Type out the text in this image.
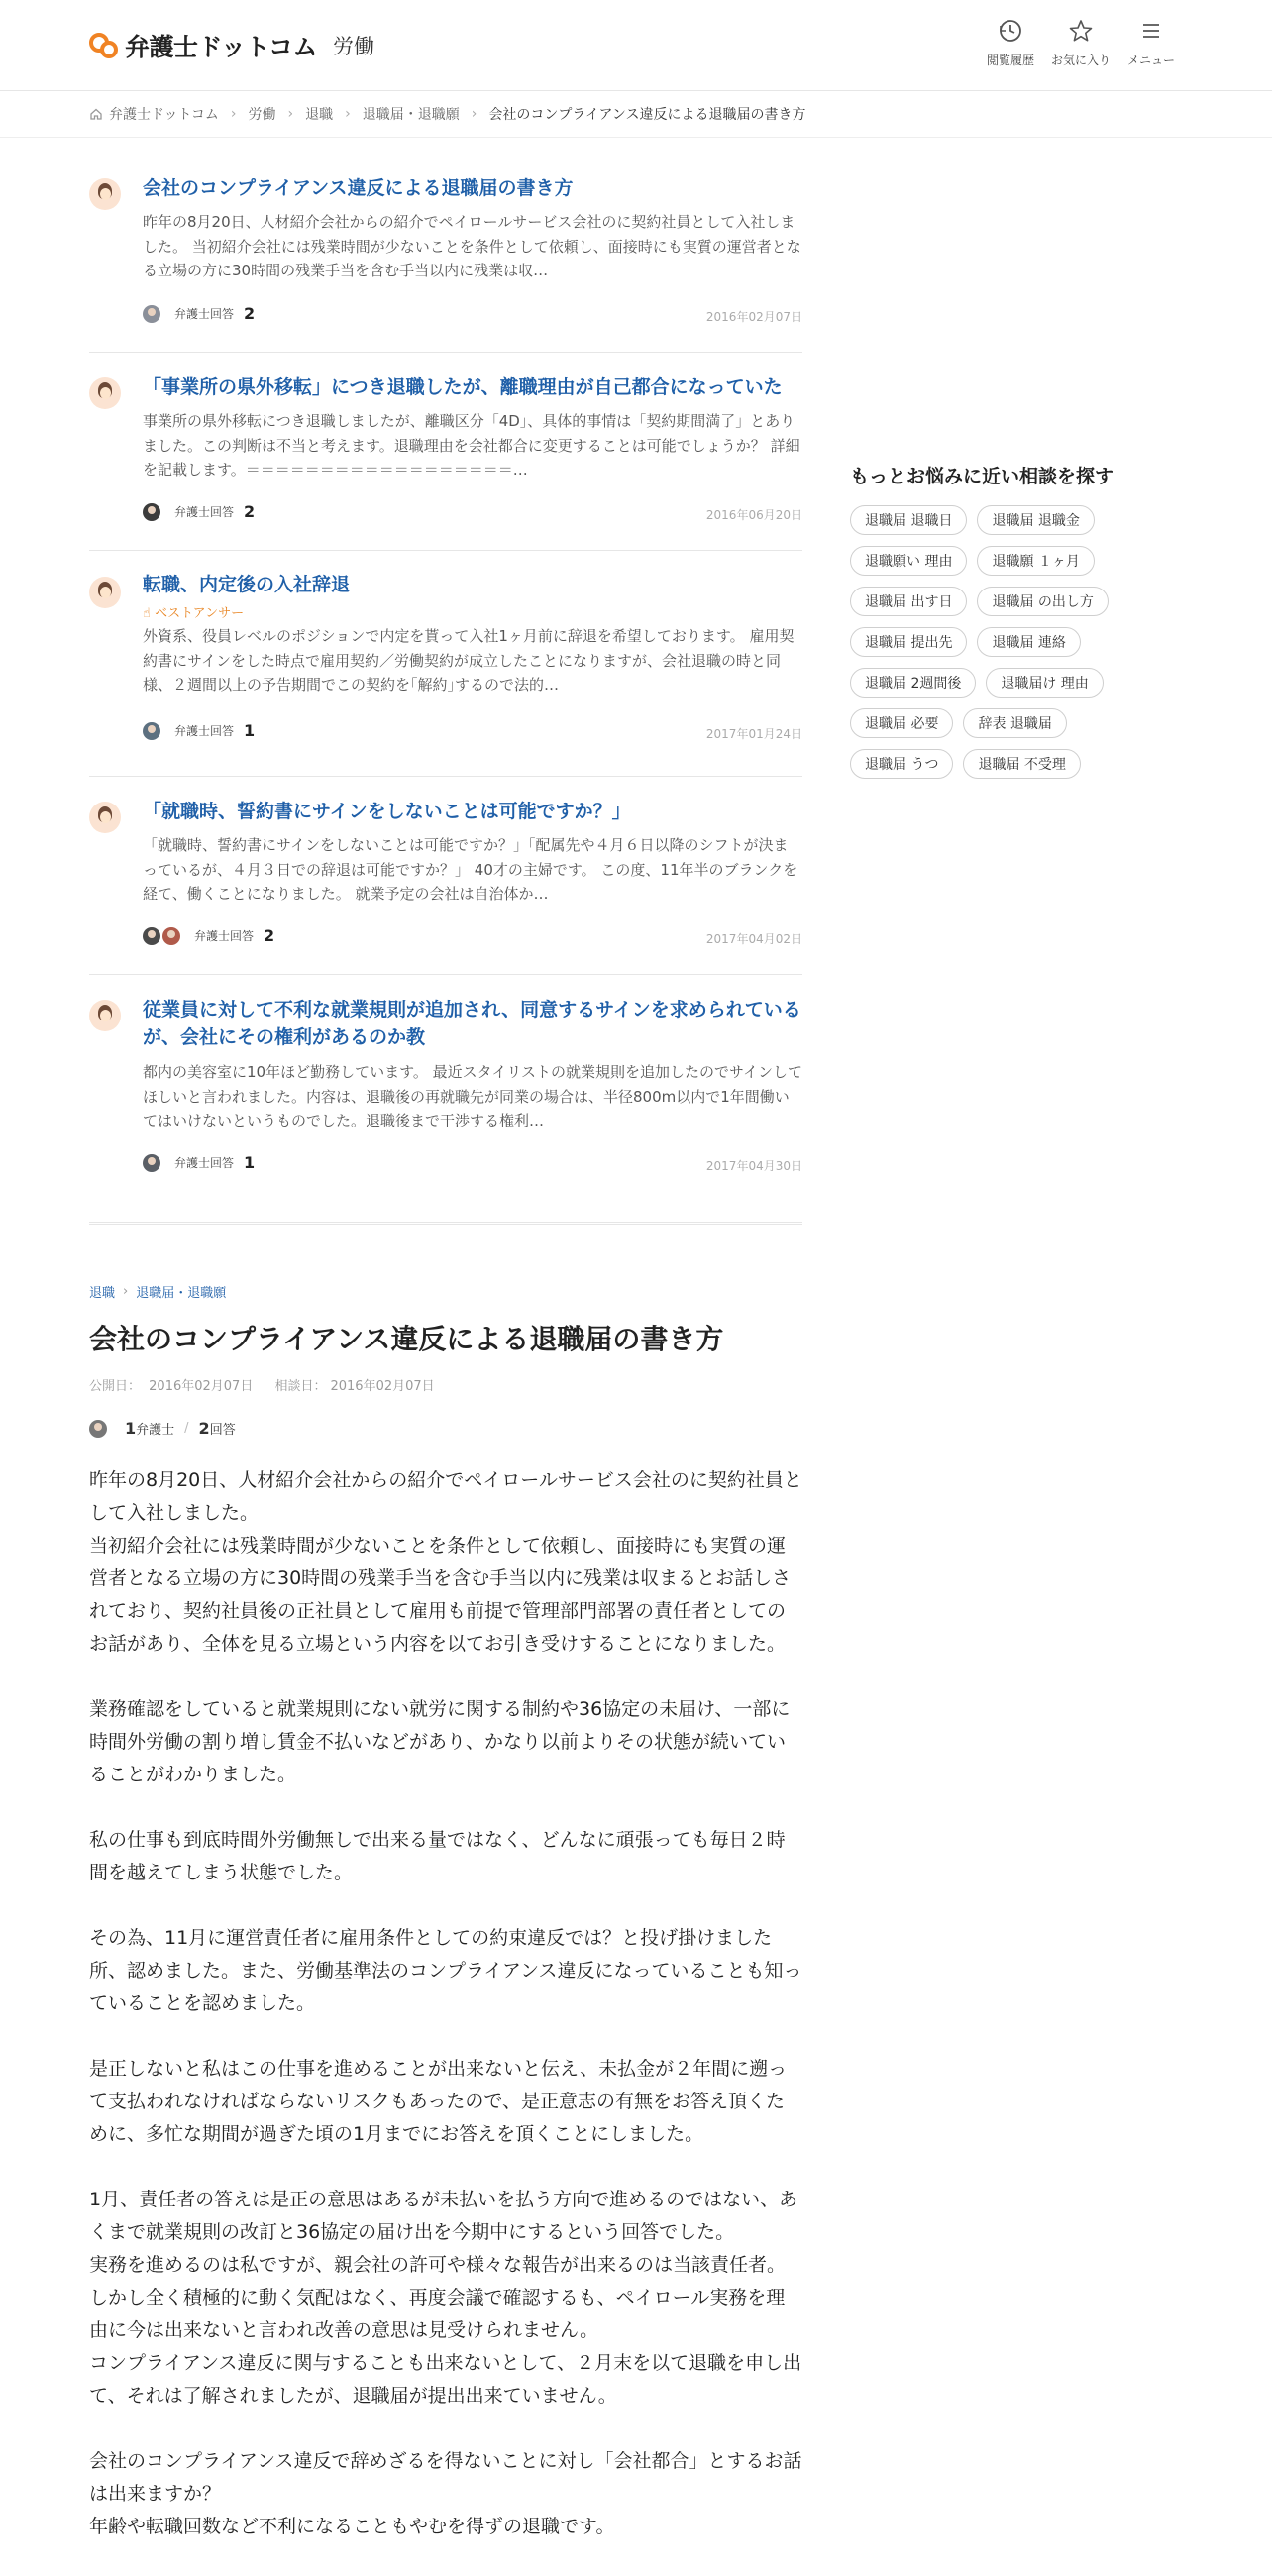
弁護士ドットコム 労働
閲覧履歴 お気に入り メニュー
弁護士ドットコム › 労働 › 退職 › 退職届・退職願 › 会社のコンプライアンス違反による退職届の書き方
会社のコンプライアンス違反による退職届の書き方
昨年の8月20日、人材紹介会社からの紹介でペイロールサービス会社のに契約社員として入社しました。 当初紹介会社には残業時間が少ないことを条件として依頼し、面接時にも実質の運営者となる立場の方に30時間の残業手当を含む手当以内に残業は収…
弁護士回答 2	2016年02月07日
「事業所の県外移転」につき退職したが、離職理由が自己都合になっていた
事業所の県外移転につき退職しましたが、離職区分「4D」、具体的事情は「契約期間満了」とありました。この判断は不当と考えます。退職理由を会社都合に変更することは可能でしょうか？ 詳細を記載します。＝＝＝＝＝＝＝＝＝＝＝＝＝＝＝＝＝＝…
弁護士回答 2	2016年06月20日
転職、内定後の入社辞退
☝ ベストアンサー
外資系、役員レベルのポジションで内定を貰って入社1ヶ月前に辞退を希望しております。 雇用契約書にサインをした時点で雇用契約／労働契約が成立したことになりますが、会社退職の時と同様、２週間以上の予告期間でこの契約を｢解約｣するので法的…
弁護士回答 1	2017年01月24日
「就職時、誓約書にサインをしないことは可能ですか？」
「就職時、誓約書にサインをしないことは可能ですか？」「配属先や４月６日以降のシフトが決まっているが、４月３日での辞退は可能ですか？」 40才の主婦です。 この度、11年半のブランクを経て、働くことになりました。 就業予定の会社は自治体か…
弁護士回答 2	2017年04月02日
従業員に対して不利な就業規則が追加され、同意するサインを求められているが、会社にその権利があるのか教
都内の美容室に10年ほど勤務しています。 最近スタイリストの就業規則を追加したのでサインしてほしいと言われました。内容は、退職後の再就職先が同業の場合は、半径800m以内で1年間働いてはいけないというものでした。退職後まで干渉する権利…
弁護士回答 1	2017年04月30日
もっとお悩みに近い相談を探す
退職届 退職日	退職届 退職金
退職願い 理由	退職願 １ヶ月
退職届 出す日	退職届 の出し方
退職届 提出先	退職届 連絡
退職届 2週間後	退職届け 理由
退職届 必要	辞表 退職届
退職届 うつ	退職届 不受理
退職 › 退職届・退職願
会社のコンプライアンス違反による退職届の書き方
公開日： 2016年02月07日 相談日： 2016年02月07日
1 弁護士 / 2 回答

昨年の8月20日、人材紹介会社からの紹介でペイロールサービス会社のに契約社員として入社しました。
当初紹介会社には残業時間が少ないことを条件として依頼し、面接時にも実質の運営者となる立場の方に30時間の残業手当を含む手当以内に残業は収まるとお話しされており、契約社員後の正社員として雇用も前提で管理部門部署の責任者としてのお話があり、全体を見る立場という内容を以てお引き受けすることになりました。

業務確認をしていると就業規則にない就労に関する制約や36協定の未届け、一部に時間外労働の割り増し賃金不払いなどがあり、かなり以前よりその状態が続いていることがわかりました。

私の仕事も到底時間外労働無しで出来る量ではなく、どんなに頑張っても毎日２時間を越えてしまう状態でした。

その為、11月に運営責任者に雇用条件としての約束違反では？と投げ掛けました所、認めました。また、労働基準法のコンプライアンス違反になっていることも知っていることを認めました。

是正しないと私はこの仕事を進めることが出来ないと伝え、未払金が２年間に遡って支払われなければならないリスクもあったので、是正意志の有無をお答え頂くために、多忙な期間が過ぎた頃の1月までにお答えを頂くことにしました。

1月、責任者の答えは是正の意思はあるが未払いを払う方向で進めるのではない、あくまで就業規則の改訂と36協定の届け出を今期中にするという回答でした。
実務を進めるのは私ですが、親会社の許可や様々な報告が出来るのは当該責任者。
しかし全く積極的に動く気配はなく、再度会議で確認するも、ペイロール実務を理由に今は出来ないと言われ改善の意思は見受けられません。
コンプライアンス違反に関与することも出来ないとして、２月末を以て退職を申し出て、それは了解されましたが、退職届が提出出来ていません。

会社のコンプライアンス違反で辞めざるを得ないことに対し「会社都合」とするお話は出来ますか？
年齢や転職回数など不利になることもやむを得ずの退職です。
